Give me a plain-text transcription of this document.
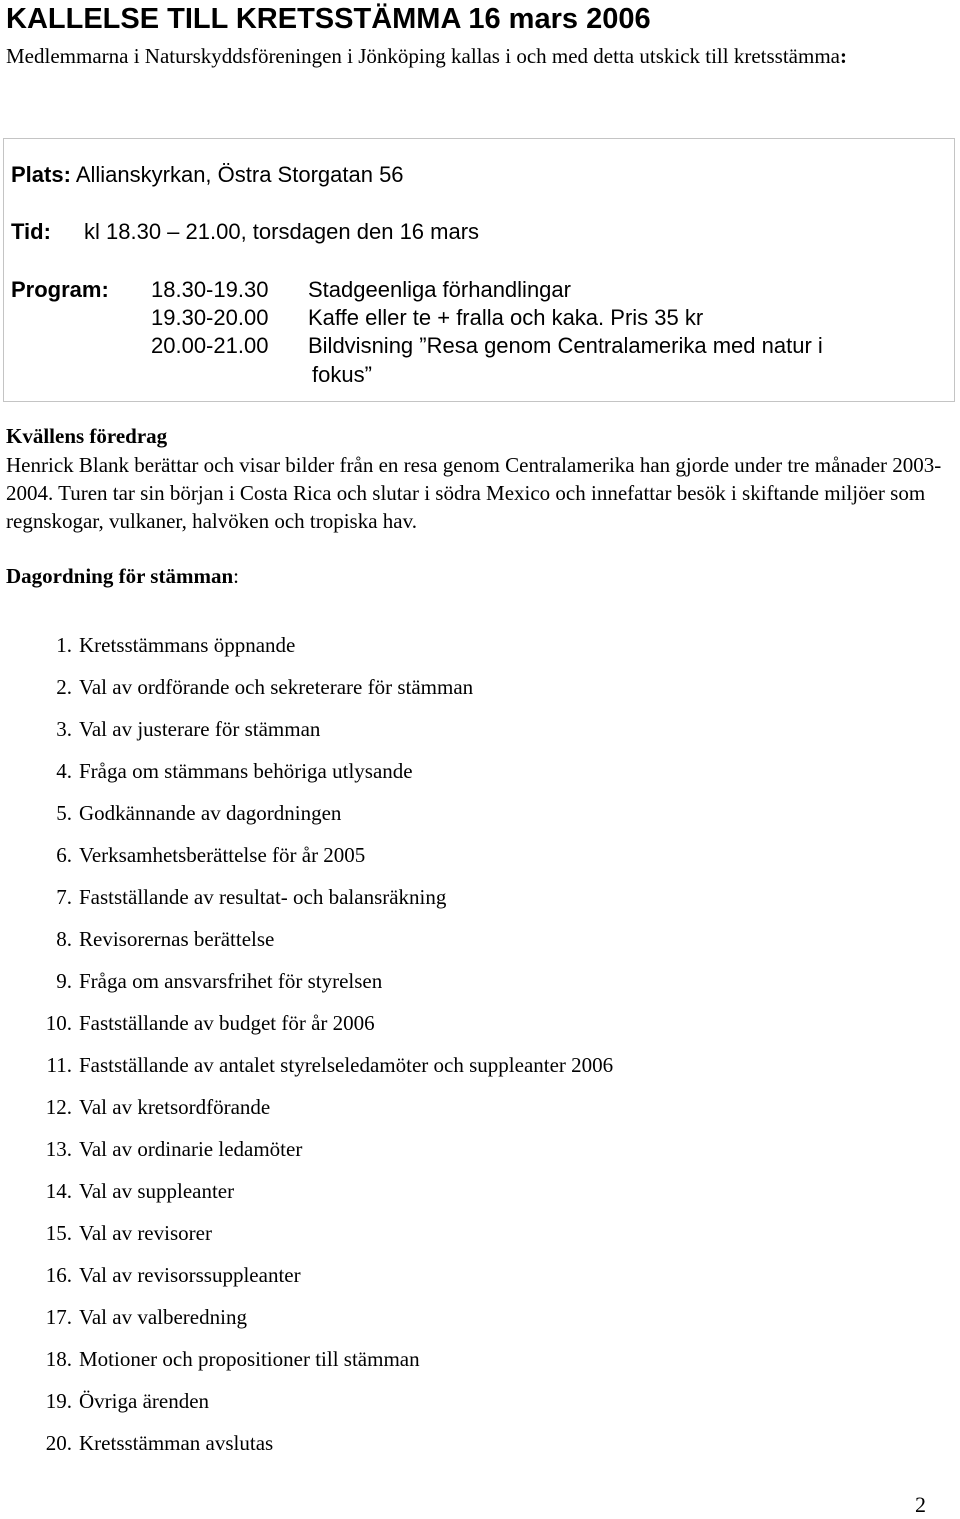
KALLELSE TILL KRETSSTÄMMA 16 mars 2006

Medlemmarna i Naturskyddsföreningen i Jönköping kallas i och med detta utskick till kretsstämma:

Plats: Allianskyrkan, Östra Storgatan 56
Tid: kl 18.30 – 21.00, torsdagen den 16 mars
Program: 18.30-19.30 Stadgeenliga förhandlingar
19.30-20.00 Kaffe eller te + fralla och kaka. Pris 35 kr
20.00-21.00 Bildvisning ”Resa genom Centralamerika med natur i
fokus”
Kvällens föredrag

Henrick Blank berättar och visar bilder från en resa genom Centralamerika han gjorde under tre månader 2003-2004. Turen tar sin början i Costa Rica och slutar i södra Mexico och innefattar besök i skiftande miljöer som regnskogar, vulkaner, halvöken och tropiska hav.

Dagordning för stämman:

1. Kretsstämmans öppnande
2. Val av ordförande och sekreterare för stämman
3. Val av justerare för stämman
4. Fråga om stämmans behöriga utlysande
5. Godkännande av dagordningen
6. Verksamhetsberättelse för år 2005
7. Fastställande av resultat- och balansräkning
8. Revisorernas berättelse
9. Fråga om ansvarsfrihet för styrelsen
10. Fastställande av budget för år 2006
11. Fastställande av antalet styrelseledamöter och suppleanter 2006
12. Val av kretsordförande
13. Val av ordinarie ledamöter
14. Val av suppleanter
15. Val av revisorer
16. Val av revisorssuppleanter
17. Val av valberedning
18. Motioner och propositioner till stämman
19. Övriga ärenden
20. Kretsstämman avslutas
2
